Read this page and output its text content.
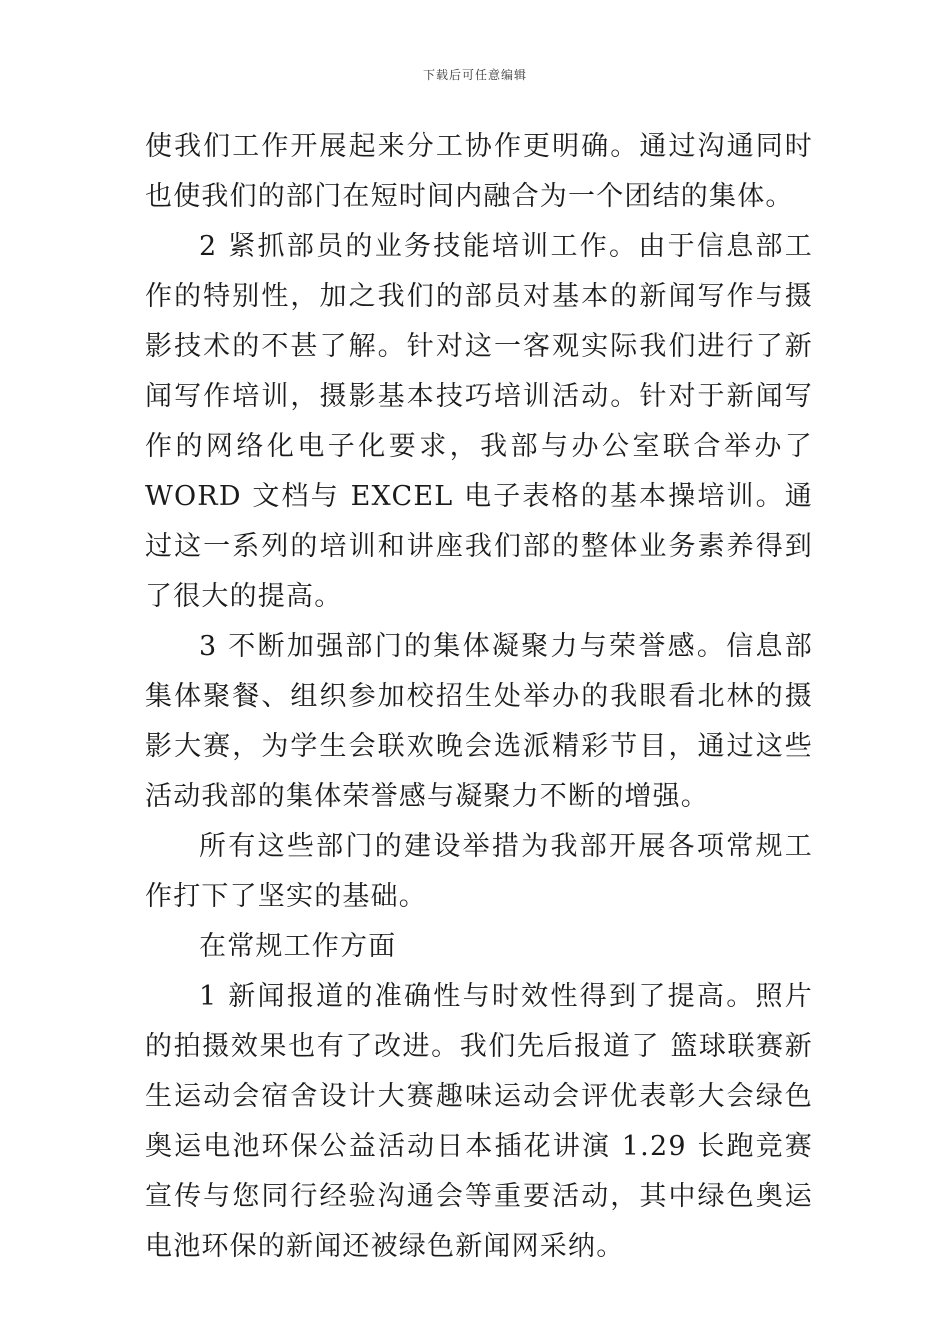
下载后可任意编辑

使我们工作开展起来分工协作更明确。通过沟通同时也使我们的部门在短时间内融合为一个团结的集体。

2 紧抓部员的业务技能培训工作。由于信息部工作的特别性，加之我们的部员对基本的新闻写作与摄影技术的不甚了解。针对这一客观实际我们进行了新闻写作培训，摄影基本技巧培训活动。针对于新闻写作的网络化电子化要求，我部与办公室联合举办了 WORD 文档与 EXCEL 电子表格的基本操培训。通过这一系列的培训和讲座我们部的整体业务素养得到了很大的提高。

3 不断加强部门的集体凝聚力与荣誉感。信息部集体聚餐、组织参加校招生处举办的我眼看北林的摄影大赛，为学生会联欢晚会选派精彩节目，通过这些活动我部的集体荣誉感与凝聚力不断的增强。

所有这些部门的建设举措为我部开展各项常规工作打下了坚实的基础。

在常规工作方面

1 新闻报道的准确性与时效性得到了提高。照片的拍摄效果也有了改进。我们先后报道了 篮球联赛新生运动会宿舍设计大赛趣味运动会评优表彰大会绿色奥运电池环保公益活动日本插花讲演 1.29 长跑竞赛宣传与您同行经验沟通会等重要活动，其中绿色奥运电池环保的新闻还被绿色新闻网采纳。
